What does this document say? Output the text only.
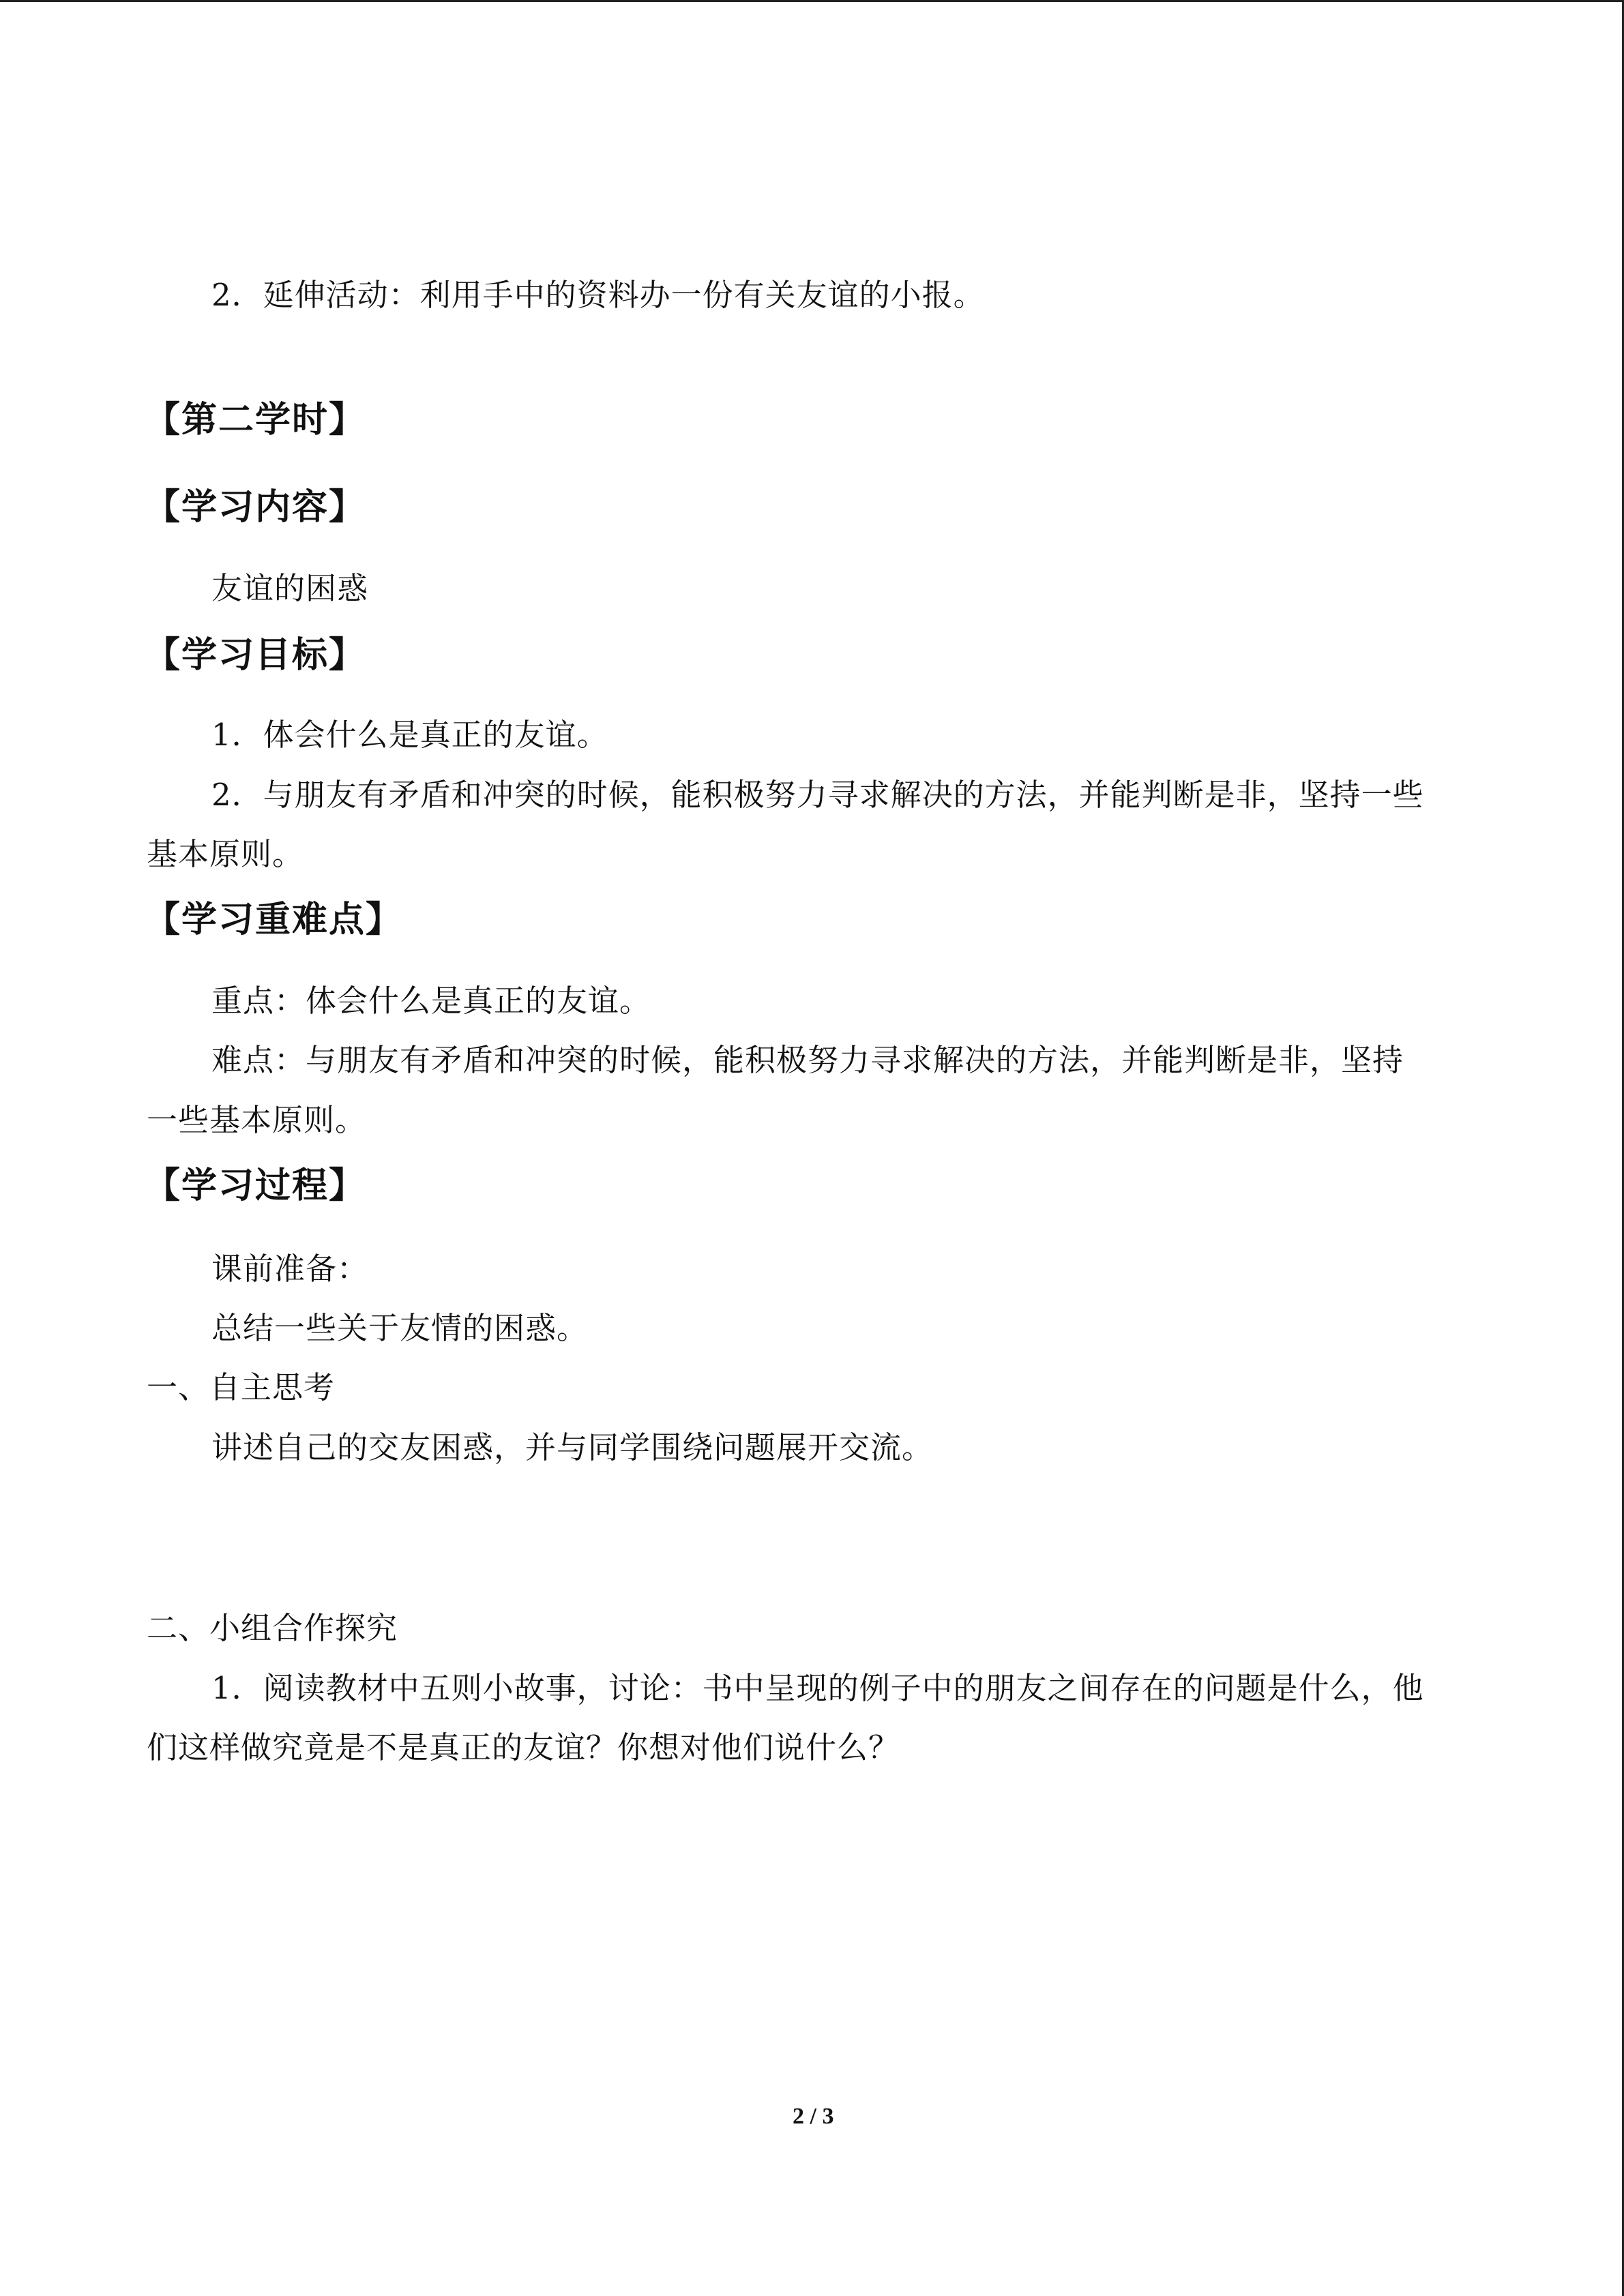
2．延伸活动：利用手中的资料办一份有关友谊的小报。
【第二学时】
【学习内容】
友谊的困惑
【学习目标】
1．体会什么是真正的友谊。
2．与朋友有矛盾和冲突的时候，能积极努力寻求解决的方法，并能判断是非，坚持一些
基本原则。
【学习重难点】
重点：体会什么是真正的友谊。
难点：与朋友有矛盾和冲突的时候，能积极努力寻求解决的方法，并能判断是非，坚持
一些基本原则。
【学习过程】
课前准备：
总结一些关于友情的困惑。
一、自主思考
讲述自己的交友困惑，并与同学围绕问题展开交流。
二、小组合作探究
1．阅读教材中五则小故事，讨论：书中呈现的例子中的朋友之间存在的问题是什么，他
们这样做究竟是不是真正的友谊？你想对他们说什么？
2 / 3
